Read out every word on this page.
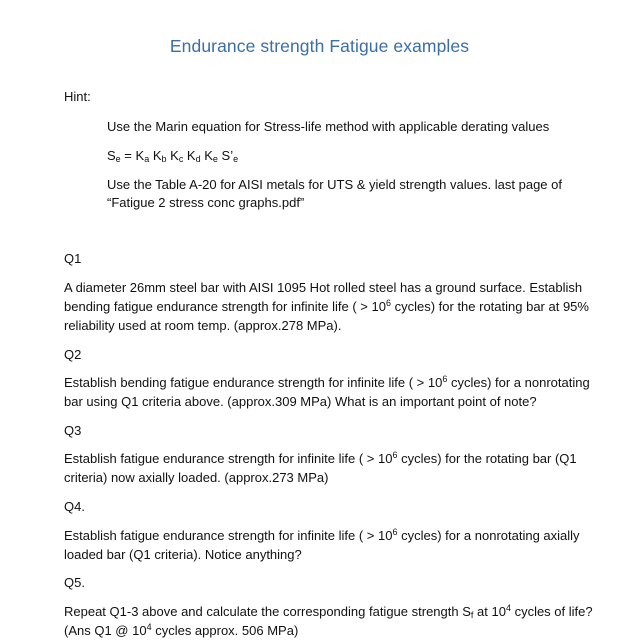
Endurance strength Fatigue examples
Hint:
Use the Marin equation for Stress-life method with applicable derating values
$S_e = K_a$ $K_b$ $K_c$ $K_d$ $K_e$ $S’_e$
Use the Table A-20 for AISI metals for UTS & yield strength values. last page of
“Fatigue 2 stress conc graphs.pdf”
Q1
A diameter 26mm steel bar with AISI 1095 Hot rolled steel has a ground surface. Establish
bending fatigue endurance strength for infinite life ( > $10^6$ cycles) for the rotating bar at 95%
reliability used at room temp. (approx.278 MPa).
Q2
Establish bending fatigue endurance strength for infinite life ( > $10^6$ cycles) for a nonrotating
bar using Q1 criteria above. (approx.309 MPa) What is an important point of note?
Q3
Establish fatigue endurance strength for infinite life ( > $10^6$ cycles) for the rotating bar (Q1
criteria) now axially loaded. (approx.273 MPa)
Q4.
Establish fatigue endurance strength for infinite life ( > $10^6$ cycles) for a nonrotating axially
loaded bar (Q1 criteria). Notice anything?
Q5.
Repeat Q1-3 above and calculate the corresponding fatigue strength $S_f$ at $10^4$ cycles of life?
(Ans Q1 @ $10^4$ cycles approx. 506 MPa)
